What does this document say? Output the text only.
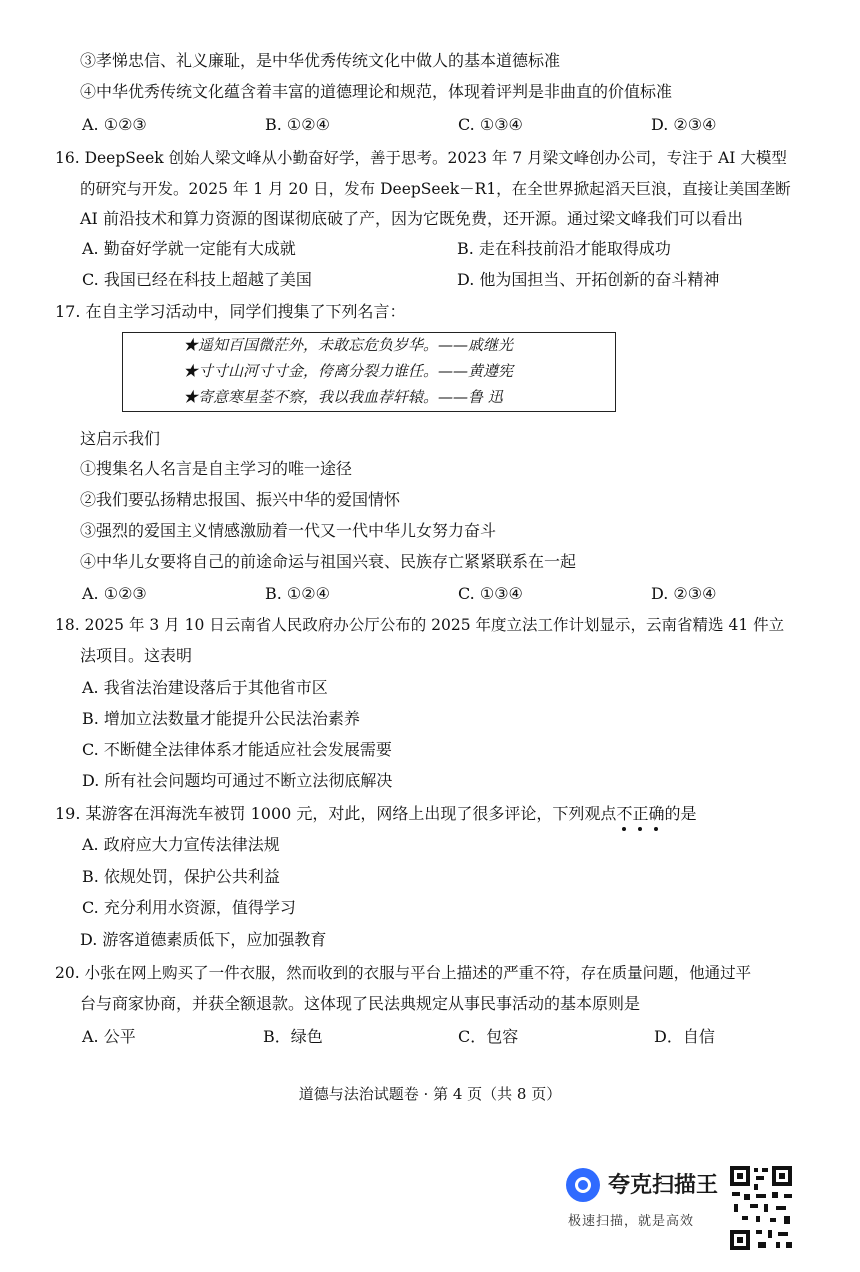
③孝悌忠信、礼义廉耻，是中华优秀传统文化中做人的基本道德标准
④中华优秀传统文化蕴含着丰富的道德理论和规范，体现着评判是非曲直的价值标准
A. ①②③	B. ①②④	C. ①③④	D. ②③④
16. DeepSeek 创始人梁文峰从小勤奋好学，善于思考。2023 年 7 月梁文峰创办公司，专注于 AI 大模型
的研究与开发。2025 年 1 月 20 日，发布 DeepSeek－R1，在全世界掀起滔天巨浪，直接让美国垄断
AI 前沿技术和算力资源的图谋彻底破了产，因为它既免费，还开源。通过梁文峰我们可以看出
A. 勤奋好学就一定能有大成就	B. 走在科技前沿才能取得成功
C. 我国已经在科技上超越了美国	D. 他为国担当、开拓创新的奋斗精神
17. 在自主学习活动中，同学们搜集了下列名言：
★遥知百国微茫外，未敢忘危负岁华。——戚继光
★寸寸山河寸寸金，侉离分裂力谁任。——黄遵宪
★寄意寒星荃不察，我以我血荐轩辕。——鲁 迅
这启示我们
①搜集名人名言是自主学习的唯一途径
②我们要弘扬精忠报国、振兴中华的爱国情怀
③强烈的爱国主义情感激励着一代又一代中华儿女努力奋斗
④中华儿女要将自己的前途命运与祖国兴衰、民族存亡紧紧联系在一起
A. ①②③	B. ①②④	C. ①③④	D. ②③④
18. 2025 年 3 月 10 日云南省人民政府办公厅公布的 2025 年度立法工作计划显示，云南省精选 41 件立
法项目。这表明
A. 我省法治建设落后于其他省市区
B. 增加立法数量才能提升公民法治素养
C. 不断健全法律体系才能适应社会发展需要
D. 所有社会问题均可通过不断立法彻底解决
19. 某游客在洱海洗车被罚 1000 元，对此，网络上出现了很多评论，下列观点不正确的是
A. 政府应大力宣传法律法规
B. 依规处罚，保护公共利益
C. 充分利用水资源，值得学习
D. 游客道德素质低下，应加强教育
20. 小张在网上购买了一件衣服，然而收到的衣服与平台上描述的严重不符，存在质量问题，他通过平
台与商家协商，并获全额退款。这体现了民法典规定从事民事活动的基本原则是
A. 公平	B．绿色	C．包容	D．自信
道德与法治试题卷 · 第 4 页（共 8 页）
夸克扫描王
极速扫描，就是高效
